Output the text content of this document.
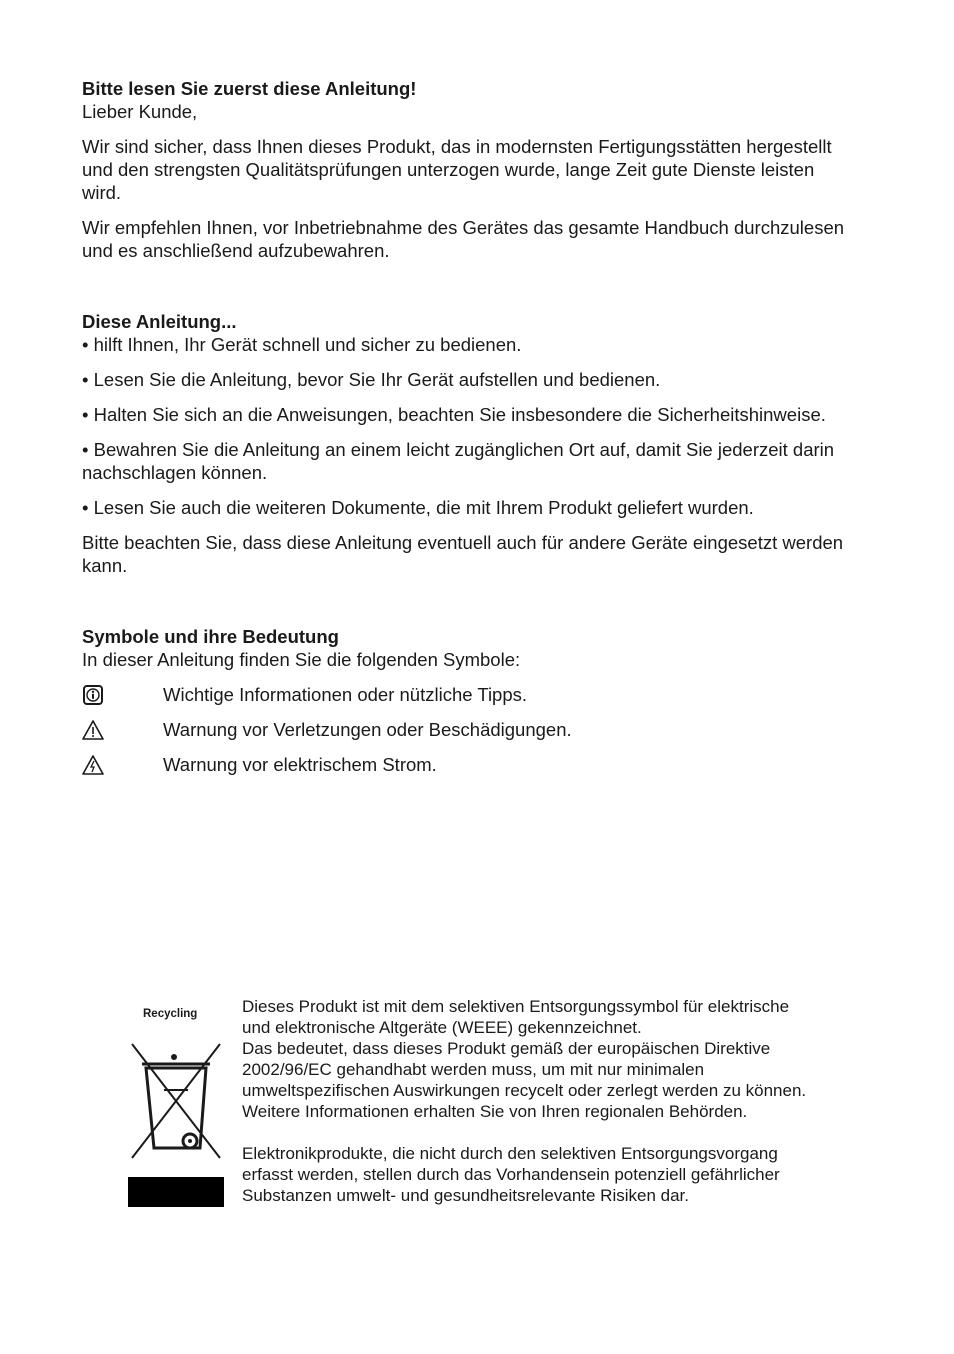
Bitte lesen Sie zuerst diese Anleitung!

Lieber Kunde,

Wir sind sicher, dass Ihnen dieses Produkt, das in modernsten Fertigungsstätten hergestellt und den strengsten Qualitätsprüfungen unterzogen wurde, lange Zeit gute Dienste leisten wird.

Wir empfehlen Ihnen, vor Inbetriebnahme des Gerätes das gesamte Handbuch durchzulesen und es anschließend aufzubewahren.

Diese Anleitung...

• hilft Ihnen, Ihr Gerät schnell und sicher zu bedienen.

• Lesen Sie die Anleitung, bevor Sie Ihr Gerät aufstellen und bedienen.

• Halten Sie sich an die Anweisungen, beachten Sie insbesondere die Sicherheitshinweise.

• Bewahren Sie die Anleitung an einem leicht zugänglichen Ort auf, damit Sie jederzeit darin nachschlagen können.

• Lesen Sie auch die weiteren Dokumente, die mit Ihrem Produkt geliefert wurden.

Bitte beachten Sie, dass diese Anleitung eventuell auch für andere Geräte eingesetzt werden kann.

Symbole und ihre Bedeutung

In dieser Anleitung finden Sie die folgenden Symbole:

Wichtige Informationen oder nützliche Tipps.
Warnung vor Verletzungen oder Beschädigungen.
Warnung vor elektrischem Strom.
Recycling	Dieses Produkt ist mit dem selektiven Entsorgungssymbol für elektrische

und elektronische Altgeräte (WEEE) gekennzeichnet.

Das bedeutet, dass dieses Produkt gemäß der europäischen Direktive

2002/96/EC gehandhabt werden muss, um mit nur minimalen

umweltspezifischen Auswirkungen recycelt oder zerlegt werden zu können.

Weitere Informationen erhalten Sie von Ihren regionalen Behörden.

Elektronikprodukte, die nicht durch den selektiven Entsorgungsvorgang

erfasst werden, stellen durch das Vorhandensein potenziell gefährlicher

Substanzen umwelt- und gesundheitsrelevante Risiken dar.
